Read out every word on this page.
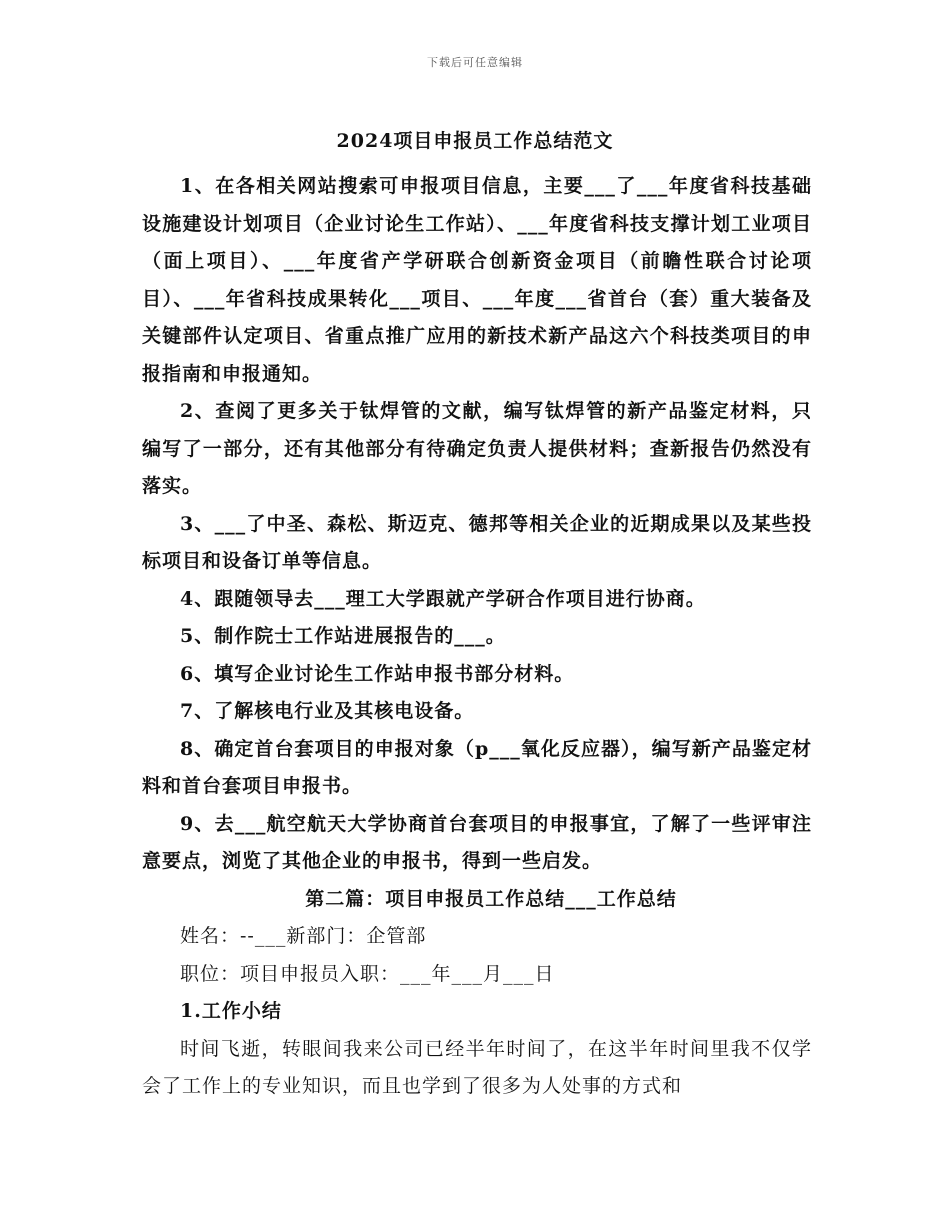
下载后可任意编辑
2024项目申报员工作总结范文

1、在各相关网站搜索可申报项目信息，主要___了___年度省科技基础设施建设计划项目（企业讨论生工作站）、___年度省科技支撑计划工业项目（面上项目）、___年度省产学研联合创新资金项目（前瞻性联合讨论项目）、___年省科技成果转化___项目、___年度___省首台（套）重大装备及关键部件认定项目、省重点推广应用的新技术新产品这六个科技类项目的申报指南和申报通知。

2、查阅了更多关于钛焊管的文献，编写钛焊管的新产品鉴定材料，只编写了一部分，还有其他部分有待确定负责人提供材料；查新报告仍然没有落实。

3、___了中圣、森松、斯迈克、德邦等相关企业的近期成果以及某些投标项目和设备订单等信息。

4、跟随领导去___理工大学跟就产学研合作项目进行协商。

5、制作院士工作站进展报告的___。

6、填写企业讨论生工作站申报书部分材料。

7、了解核电行业及其核电设备。

8、确定首台套项目的申报对象（p___氧化反应器），编写新产品鉴定材料和首台套项目申报书。

9、去___航空航天大学协商首台套项目的申报事宜，了解了一些评审注意要点，浏览了其他企业的申报书，得到一些启发。

第二篇：项目申报员工作总结___工作总结

姓名：--___新部门：企管部

职位：项目申报员入职：___年___月___日

1.工作小结

时间飞逝，转眼间我来公司已经半年时间了，在这半年时间里我不仅学会了工作上的专业知识，而且也学到了很多为人处事的方式和
